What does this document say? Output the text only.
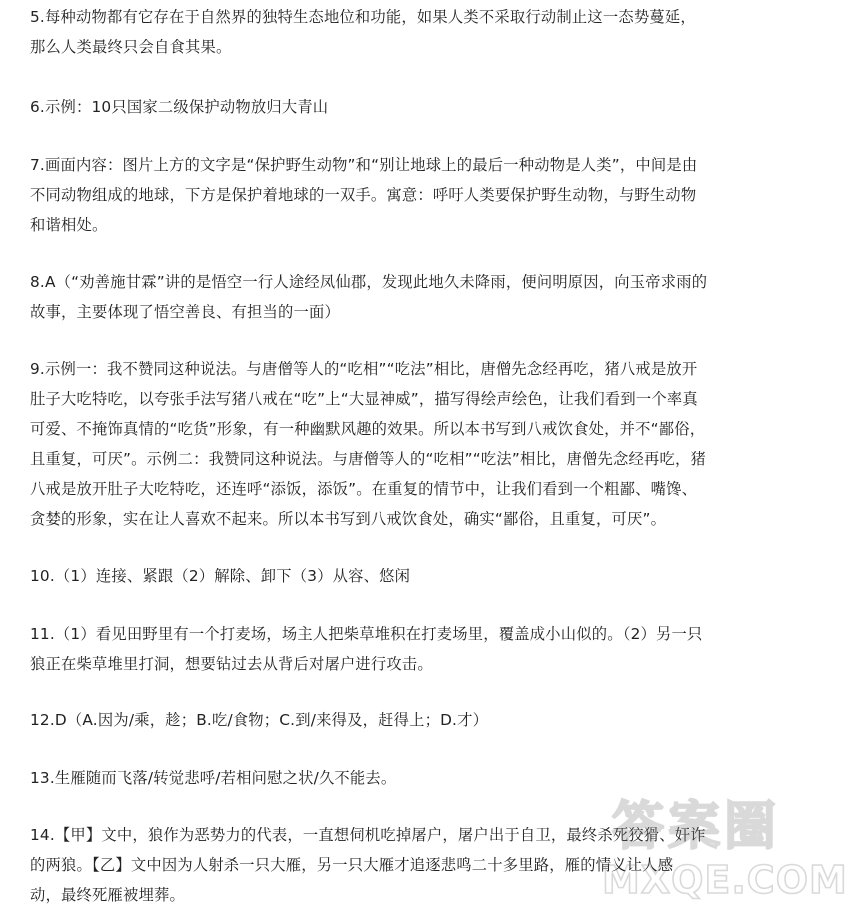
5.每种动物都有它存在于自然界的独特生态地位和功能，如果人类不采取行动制止这一态势蔓延，
那么人类最终只会自食其果。
6.示例：10只国家二级保护动物放归大青山
7.画面内容：图片上方的文字是“保护野生动物”和“别让地球上的最后一种动物是人类”，中间是由
不同动物组成的地球，下方是保护着地球的一双手。寓意：呼吁人类要保护野生动物，与野生动物
和谐相处。
8.A（“劝善施甘霖”讲的是悟空一行人途经凤仙郡，发现此地久未降雨，便问明原因，向玉帝求雨的
故事，主要体现了悟空善良、有担当的一面）
9.示例一：我不赞同这种说法。与唐僧等人的“吃相”“吃法”相比，唐僧先念经再吃，猪八戒是放开
肚子大吃特吃，以夸张手法写猪八戒在“吃”上“大显神威”，描写得绘声绘色，让我们看到一个率真
可爱、不掩饰真情的“吃货”形象，有一种幽默风趣的效果。所以本书写到八戒饮食处，并不“鄙俗，
且重复，可厌”。示例二：我赞同这种说法。与唐僧等人的“吃相”“吃法”相比，唐僧先念经再吃，猪
八戒是放开肚子大吃特吃，还连呼“添饭，添饭”。在重复的情节中，让我们看到一个粗鄙、嘴馋、
贪婪的形象，实在让人喜欢不起来。所以本书写到八戒饮食处，确实“鄙俗，且重复，可厌”。
10.（1）连接、紧跟（2）解除、卸下（3）从容、悠闲
11.（1）看见田野里有一个打麦场，场主人把柴草堆积在打麦场里，覆盖成小山似的。（2）另一只
狼正在柴草堆里打洞，想要钻过去从背后对屠户进行攻击。
12.D（A.因为/乘，趁；B.吃/食物；C.到/来得及，赶得上；D.才）
13.生雁随而飞落/转觉悲呼/若相问慰之状/久不能去。
14.【甲】文中，狼作为恶势力的代表，一直想伺机吃掉屠户，屠户出于自卫，最终杀死狡猾、奸诈
的两狼。【乙】文中因为人射杀一只大雁，另一只大雁才追逐悲鸣二十多里路，雁的情义让人感
动，最终死雁被埋葬。
答案圈
MXQE.COM
